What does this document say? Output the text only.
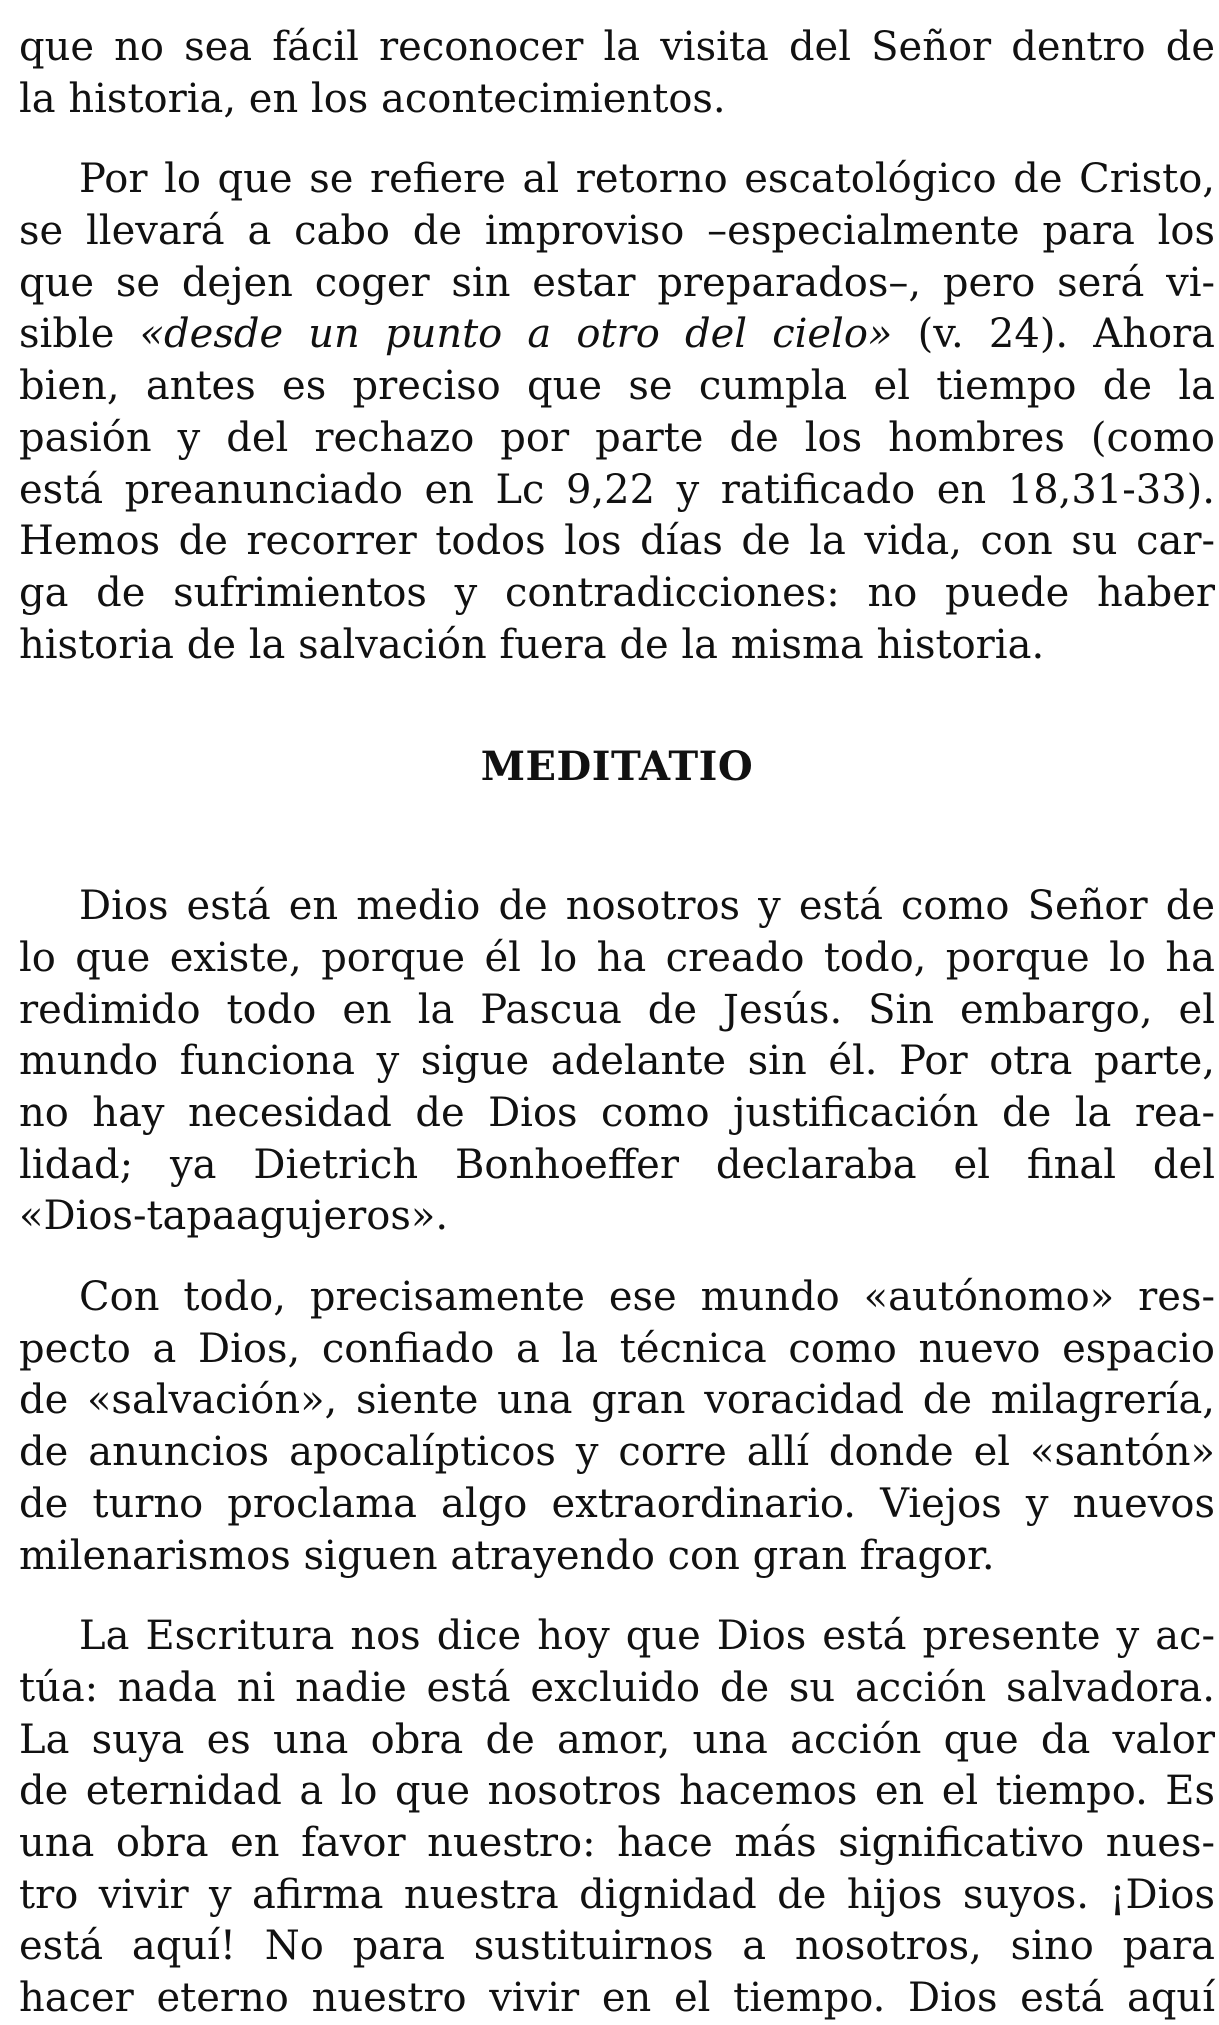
que no sea fácil reconocer la visita del Señor dentro de
la historia, en los acontecimientos.
Por lo que se refiere al retorno escatológico de Cristo,
se llevará a cabo de improviso –especialmente para los
que se dejen coger sin estar preparados–, pero será vi-
sible «desde un punto a otro del cielo» (v. 24). Ahora
bien, antes es preciso que se cumpla el tiempo de la
pasión y del rechazo por parte de los hombres (como
está preanunciado en Lc 9,22 y ratificado en 18,31-33).
Hemos de recorrer todos los días de la vida, con su car-
ga de sufrimientos y contradicciones: no puede haber
historia de la salvación fuera de la misma historia.
MEDITATIO
Dios está en medio de nosotros y está como Señor de
lo que existe, porque él lo ha creado todo, porque lo ha
redimido todo en la Pascua de Jesús. Sin embargo, el
mundo funciona y sigue adelante sin él. Por otra parte,
no hay necesidad de Dios como justificación de la rea-
lidad; ya Dietrich Bonhoeffer declaraba el final del
«Dios-tapaagujeros».
Con todo, precisamente ese mundo «autónomo» res-
pecto a Dios, confiado a la técnica como nuevo espacio
de «salvación», siente una gran voracidad de milagrería,
de anuncios apocalípticos y corre allí donde el «santón»
de turno proclama algo extraordinario. Viejos y nuevos
milenarismos siguen atrayendo con gran fragor.
La Escritura nos dice hoy que Dios está presente y ac-
túa: nada ni nadie está excluido de su acción salvadora.
La suya es una obra de amor, una acción que da valor
de eternidad a lo que nosotros hacemos en el tiempo. Es
una obra en favor nuestro: hace más significativo nues-
tro vivir y afirma nuestra dignidad de hijos suyos. ¡Dios
está aquí! No para sustituirnos a nosotros, sino para
hacer eterno nuestro vivir en el tiempo. Dios está aquí
